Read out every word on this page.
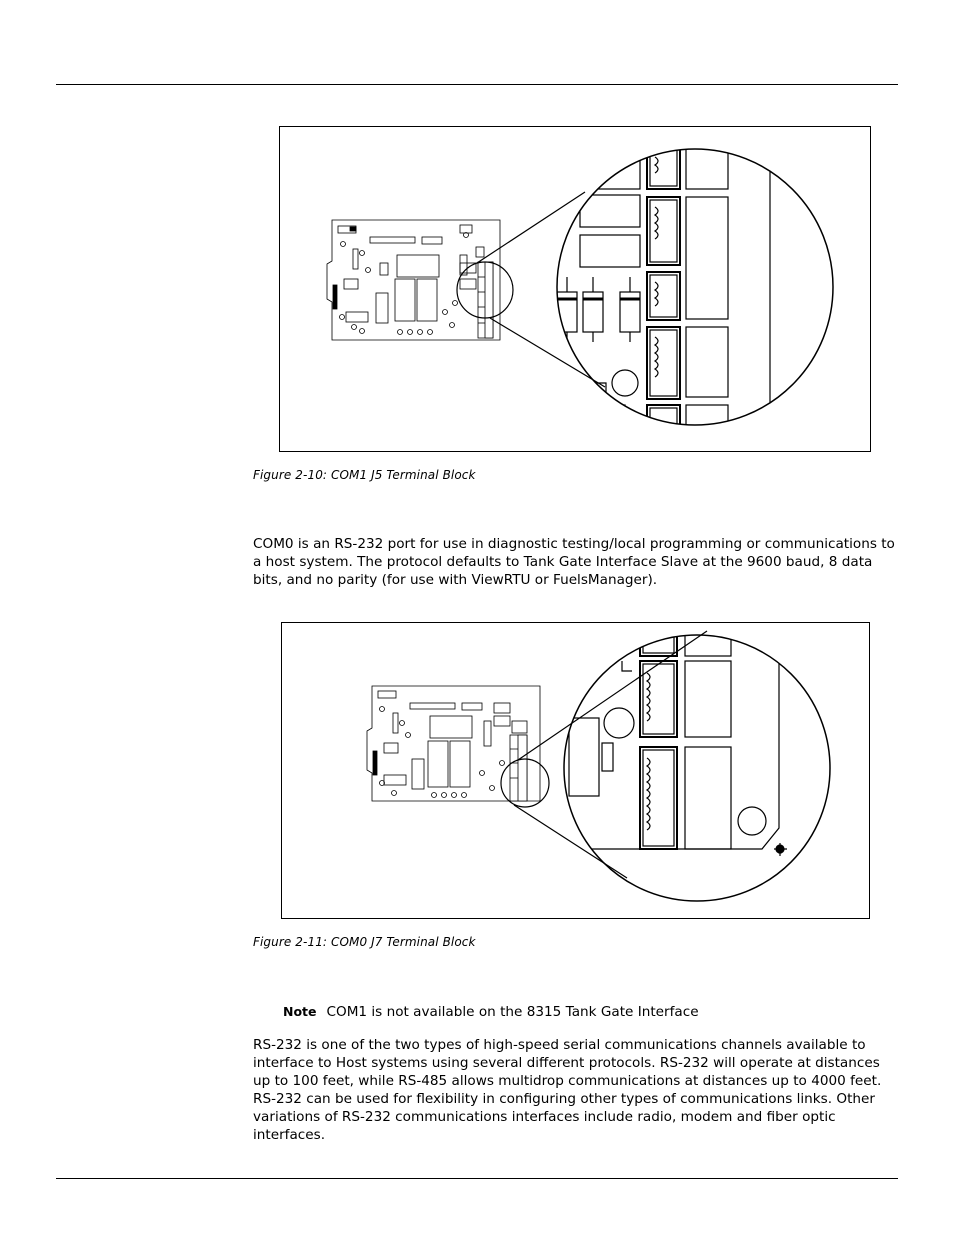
Figure 2-10: COM1 J5 Terminal Block

COM0 is an RS-232 port for use in diagnostic testing/local programming or communications to a host system. The protocol defaults to Tank Gate Interface Slave at the 9600 baud, 8 data bits, and no parity (for use with ViewRTU or FuelsManager).

Figure 2-11: COM0 J7 Terminal Block
Note COM1 is not available on the 8315 Tank Gate Interface

RS-232 is one of the two types of high-speed serial communications channels available to interface to Host systems using several different protocols. RS-232 will operate at distances up to 100 feet, while RS-485 allows multidrop communications at distances up to 4000 feet. RS-232 can be used for flexibility in configuring other types of communications links. Other variations of RS-232 communications interfaces include radio, modem and fiber optic interfaces.
